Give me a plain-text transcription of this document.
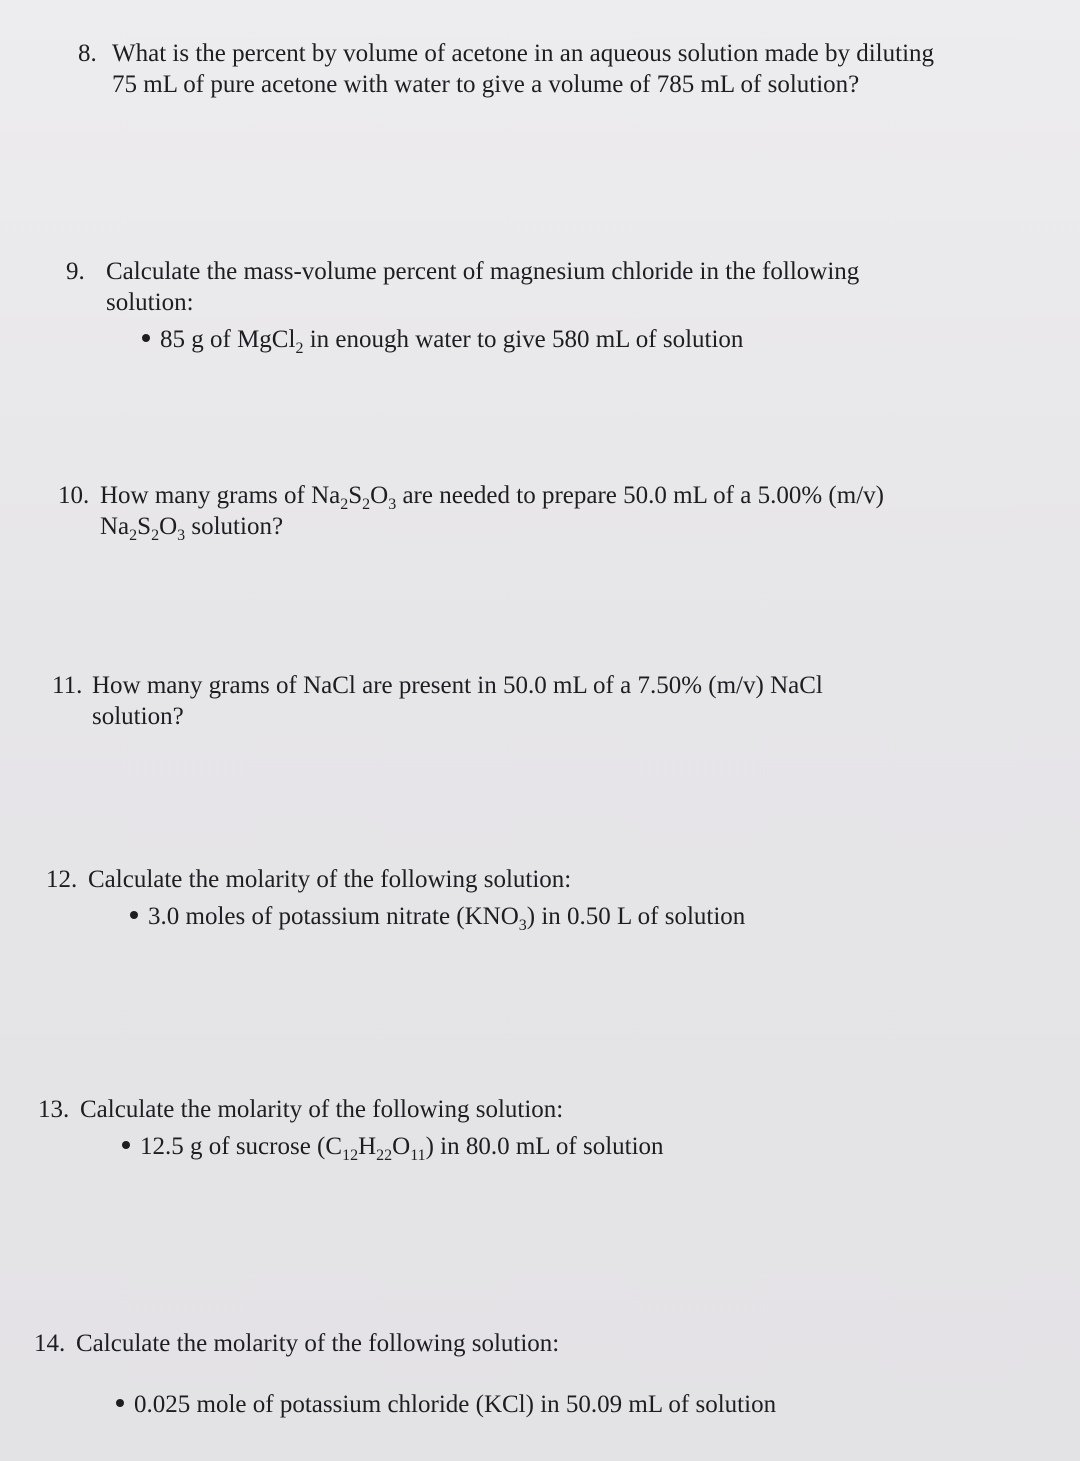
8. What is the percent by volume of acetone in an aqueous solution made by diluting
75 mL of pure acetone with water to give a volume of 785 mL of solution?
9. Calculate the mass-volume percent of magnesium chloride in the following
solution:
85 g of MgCl$_2$ in enough water to give 580 mL of solution
10. How many grams of $Na_2S_2O_3$ are needed to prepare 50.0 mL of a 5.00% (m/v)
$Na_2S_2O_3$ solution?
11. How many grams of NaCl are present in 50.0 mL of a 7.50% (m/v) NaCl
solution?
12. Calculate the molarity of the following solution:
3.0 moles of potassium nitrate $(KNO_3)$ in 0.50 L of solution
13. Calculate the molarity of the following solution:
12.5 g of sucrose $(C_{12}H_{22}O_{11})$ in 80.0 mL of solution
14. Calculate the molarity of the following solution:
0.025 mole of potassium chloride (KCl) in 50.09 mL of solution
